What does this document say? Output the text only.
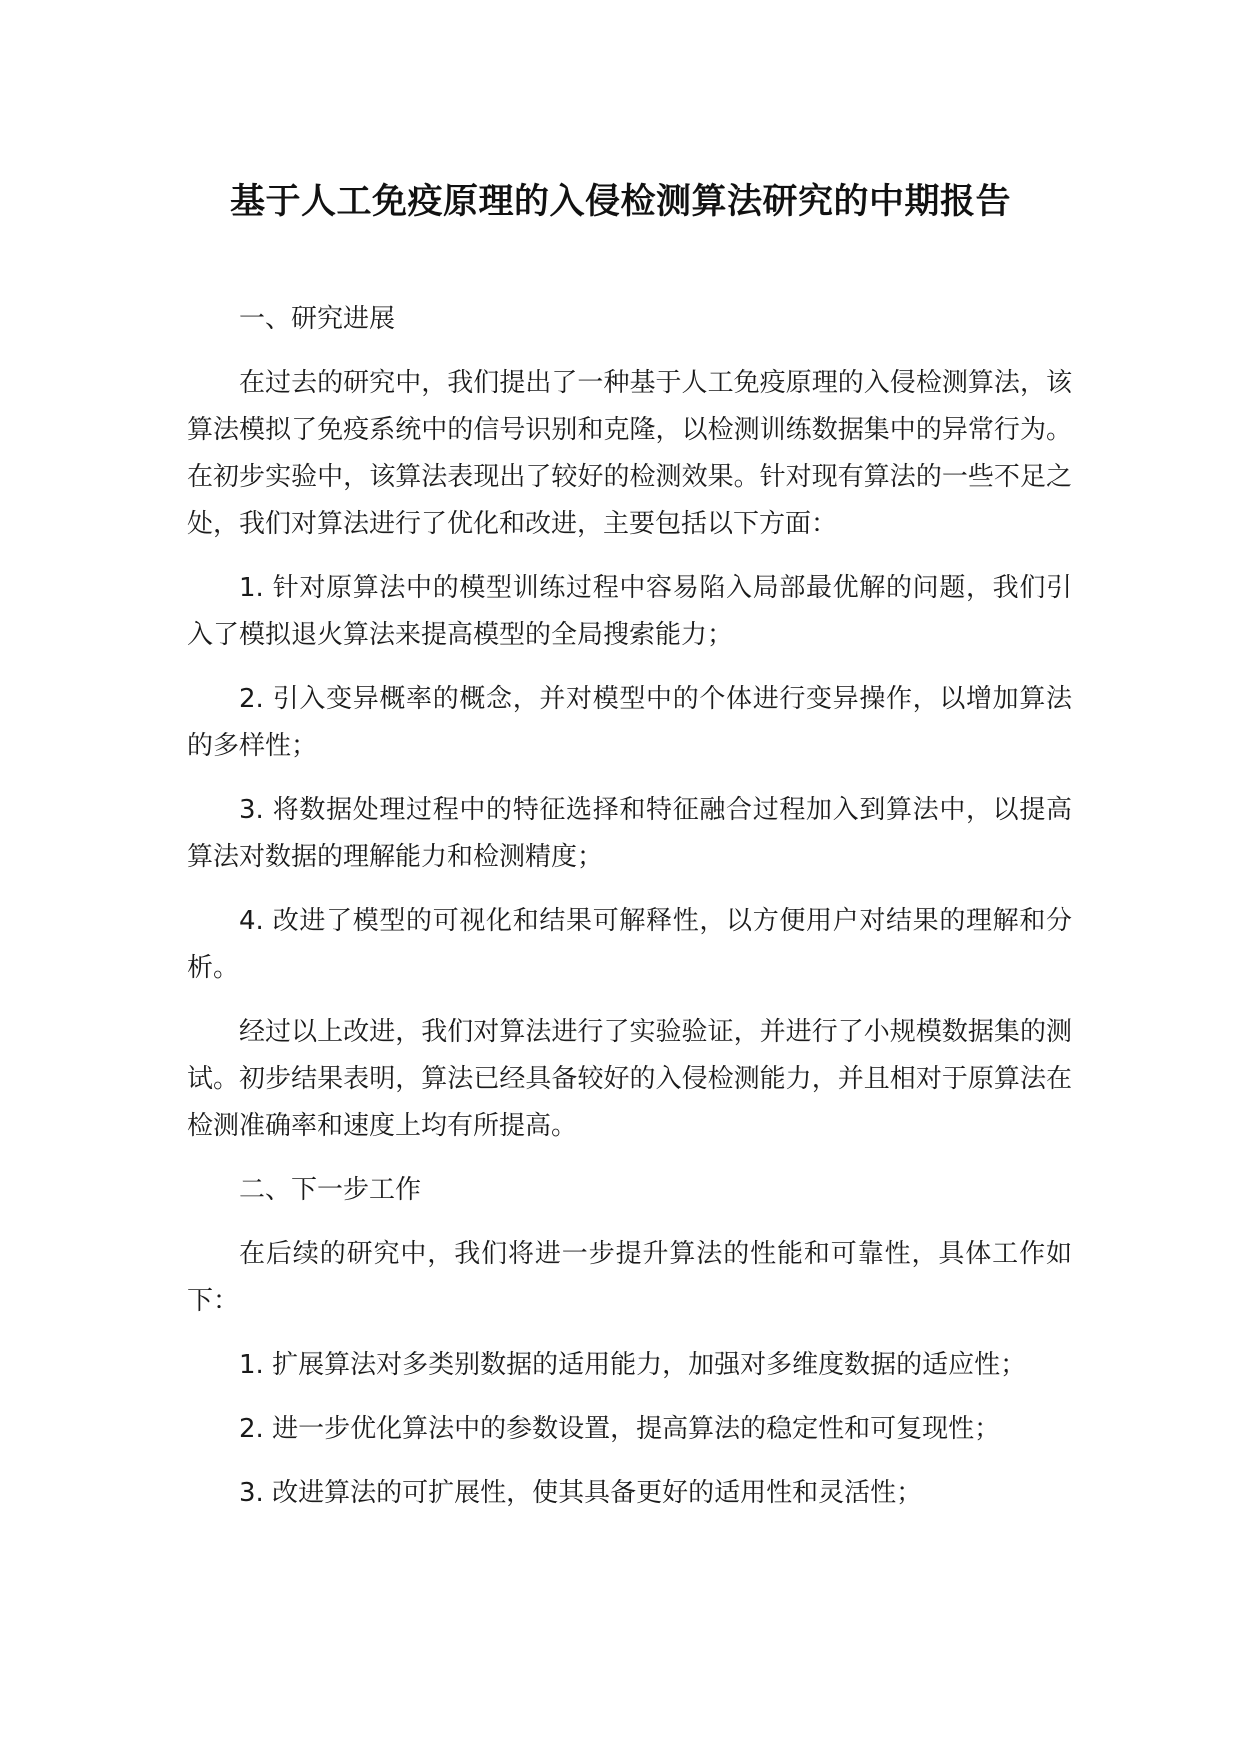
基于人工免疫原理的入侵检测算法研究的中期报告

一、研究进展

在过去的研究中，我们提出了一种基于人工免疫原理的入侵检测算法，该算法模拟了免疫系统中的信号识别和克隆，以检测训练数据集中的异常行为。在初步实验中，该算法表现出了较好的检测效果。针对现有算法的一些不足之处，我们对算法进行了优化和改进，主要包括以下方面：

1. 针对原算法中的模型训练过程中容易陷入局部最优解的问题，我们引入了模拟退火算法来提高模型的全局搜索能力；

2. 引入变异概率的概念，并对模型中的个体进行变异操作，以增加算法的多样性；

3. 将数据处理过程中的特征选择和特征融合过程加入到算法中，以提高算法对数据的理解能力和检测精度；

4. 改进了模型的可视化和结果可解释性，以方便用户对结果的理解和分析。

经过以上改进，我们对算法进行了实验验证，并进行了小规模数据集的测试。初步结果表明，算法已经具备较好的入侵检测能力，并且相对于原算法在检测准确率和速度上均有所提高。

二、下一步工作

在后续的研究中，我们将进一步提升算法的性能和可靠性，具体工作如下：

1. 扩展算法对多类别数据的适用能力，加强对多维度数据的适应性；

2. 进一步优化算法中的参数设置，提高算法的稳定性和可复现性；

3. 改进算法的可扩展性，使其具备更好的适用性和灵活性；
